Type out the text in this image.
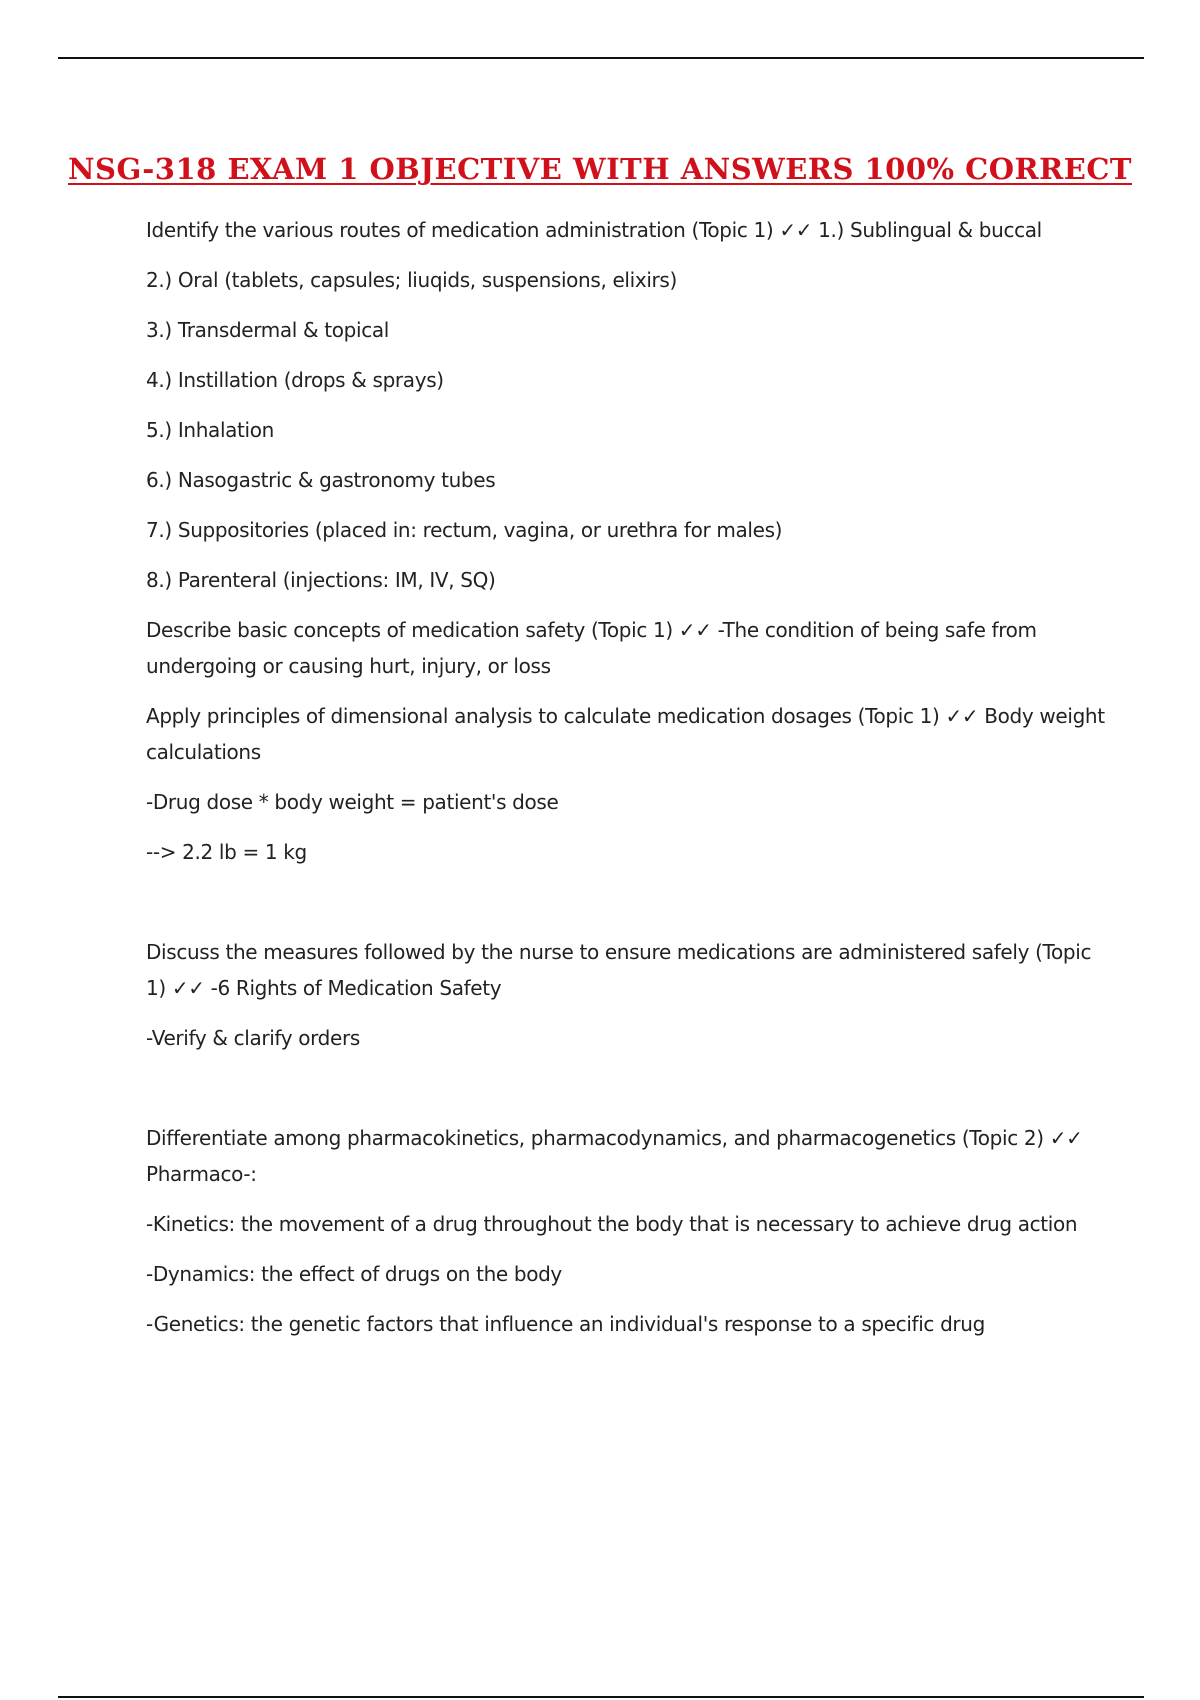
NSG-318 EXAM 1 OBJECTIVE WITH ANSWERS 100% CORRECT

Identify the various routes of medication administration (Topic 1) ✓✓ 1.) Sublingual & buccal

2.) Oral (tablets, capsules; liuqids, suspensions, elixirs)

3.) Transdermal & topical

4.) Instillation (drops & sprays)

5.) Inhalation

6.) Nasogastric & gastronomy tubes

7.) Suppositories (placed in: rectum, vagina, or urethra for males)

8.) Parenteral (injections: IM, IV, SQ)

Describe basic concepts of medication safety (Topic 1) ✓✓ -The condition of being safe from undergoing or causing hurt, injury, or loss

Apply principles of dimensional analysis to calculate medication dosages (Topic 1) ✓✓ Body weight calculations

-Drug dose * body weight = patient's dose

--> 2.2 lb = 1 kg

Discuss the measures followed by the nurse to ensure medications are administered safely (Topic 1) ✓✓ -6 Rights of Medication Safety

-Verify & clarify orders

Differentiate among pharmacokinetics, pharmacodynamics, and pharmacogenetics (Topic 2) ✓✓ Pharmaco-:

-Kinetics: the movement of a drug throughout the body that is necessary to achieve drug action

-Dynamics: the effect of drugs on the body

-Genetics: the genetic factors that influence an individual's response to a specific drug
